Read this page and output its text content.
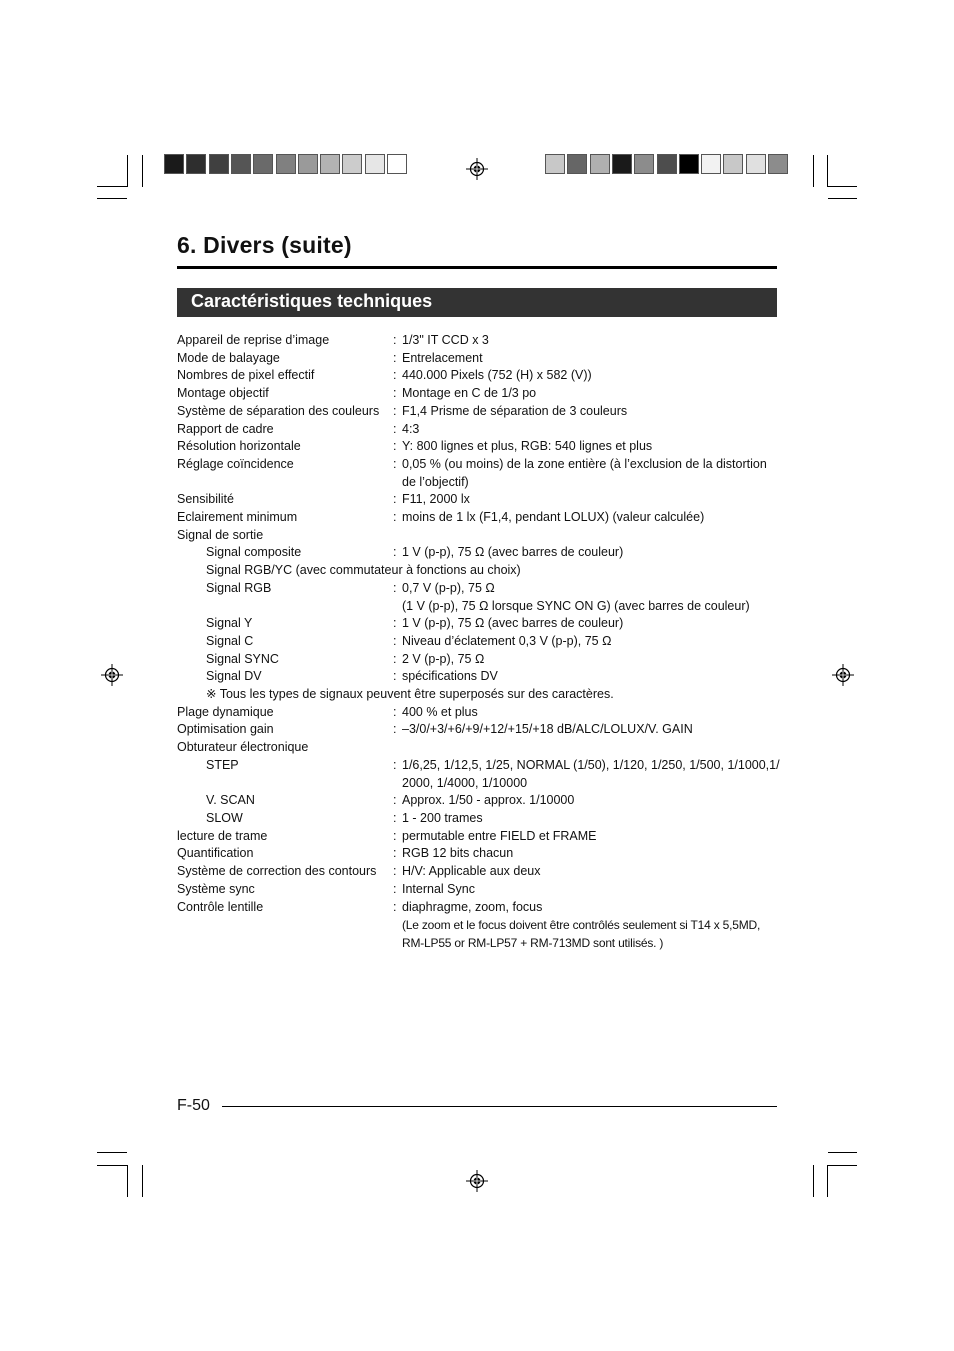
6. Divers (suite)
Caractéristiques techniques
Appareil de reprise d’image	: 1/3" IT CCD x 3
Mode de balayage	: Entrelacement
Nombres de pixel effectif	: 440.000 Pixels (752 (H) x 582 (V))
Montage objectif	: Montage en C de 1/3 po
Système de séparation des couleurs	: F1,4 Prisme de séparation de 3 couleurs
Rapport de cadre	: 4:3
Résolution horizontale	: Y: 800 lignes et plus, RGB: 540 lignes et plus
Réglage coïncidence	: 0,05 % (ou moins) de la zone entière (à l’exclusion de la distortion de l’objectif)
Sensibilité	: F11, 2000 lx
Eclairement minimum	: moins de 1 lx (F1,4, pendant LOLUX) (valeur calculée)
Signal de sortie
Signal composite	: 1 V (p-p), 75 Ω (avec barres de couleur)
Signal RGB/YC (avec commutateur à fonctions au choix)
Signal RGB	: 0,7 V (p-p), 75 Ω
(1 V (p-p), 75 Ω lorsque SYNC ON G) (avec barres de couleur)
Signal Y	: 1 V (p-p), 75 Ω (avec barres de couleur)
Signal C	: Niveau d’éclatement 0,3 V (p-p), 75 Ω
Signal SYNC	: 2 V (p-p), 75 Ω
Signal DV	: spécifications DV
※ Tous les types de signaux peuvent être superposés sur des caractères.
Plage dynamique	: 400 % et plus
Optimisation gain	: –3/0/+3/+6/+9/+12/+15/+18 dB/ALC/LOLUX/V. GAIN
Obturateur électronique
STEP	: 1/6,25, 1/12,5, 1/25, NORMAL (1/50), 1/120, 1/250, 1/500, 1/1000,1/ 2000, 1/4000, 1/10000
V. SCAN	: Approx. 1/50 - approx. 1/10000
SLOW	: 1 - 200 trames
lecture de trame	: permutable entre FIELD et FRAME
Quantification	: RGB 12 bits chacun
Système de correction des contours	: H/V: Applicable aux deux
Système sync	: Internal Sync
Contrôle lentille	: diaphragme, zoom, focus
(Le zoom et le focus doivent être contrôlés seulement si T14 x 5,5MD, RM-LP55 or RM-LP57 + RM-713MD sont utilisés. )
F-50
